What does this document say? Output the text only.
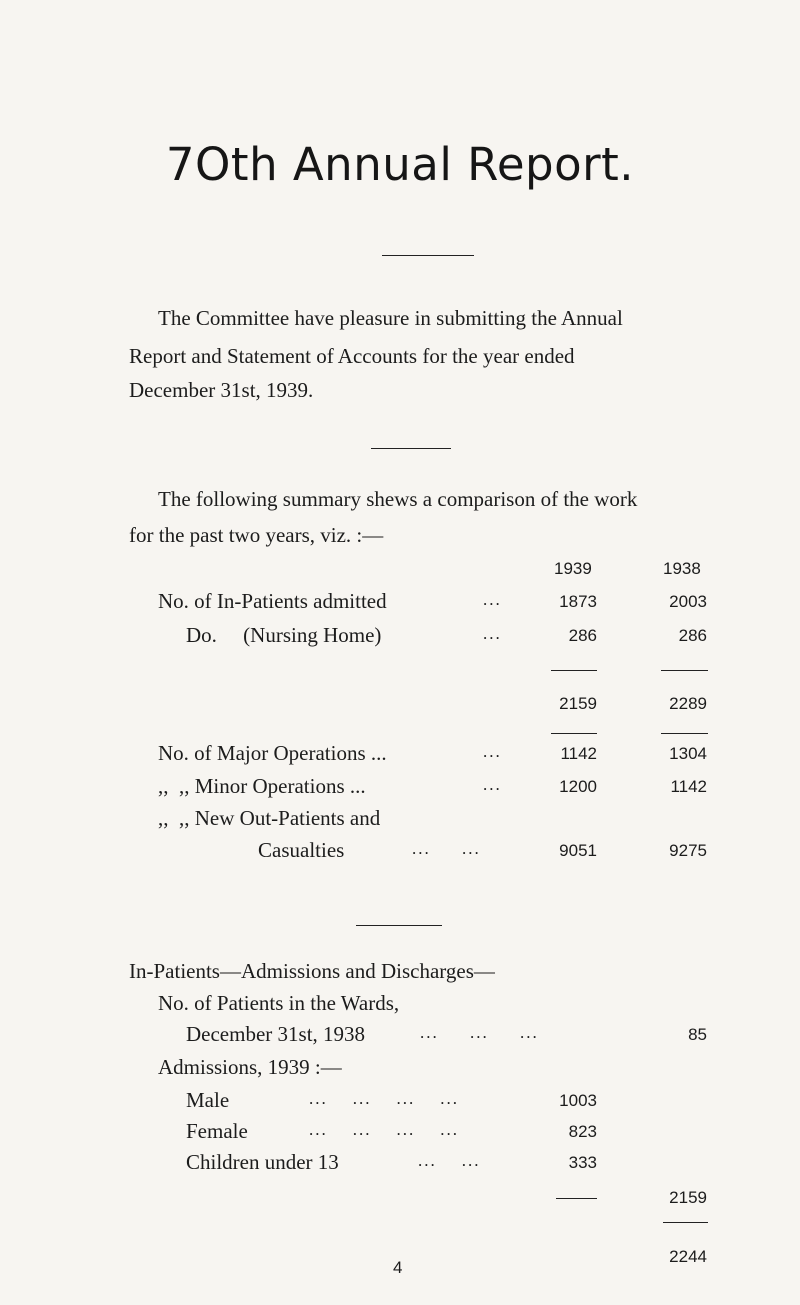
7Oth Annual Report.
The Committee have pleasure in submitting the Annual
Report and Statement of Accounts for the year ended
December 31st, 1939.
The following summary shews a comparison of the work
for the past two years, viz. :—
1939	1938
No. of In-Patients admitted	...	1873	2003
Do.     (Nursing Home)	...	286	286
2159	2289
No. of Major Operations ...	...	1142	1304
,,  ,, Minor Operations ...	...	1200	1142
,,  ,, New Out-Patients and
Casualties	...     ...	9051	9275
In-Patients—Admissions and Discharges—
No. of Patients in the Wards,
December 31st, 1938	...     ...     ...	85
Admissions, 1939 :—
Male	...    ...    ...    ...	1003
Female	...    ...    ...    ...	823
Children under 13	...    ...	333
2159
2244
4
